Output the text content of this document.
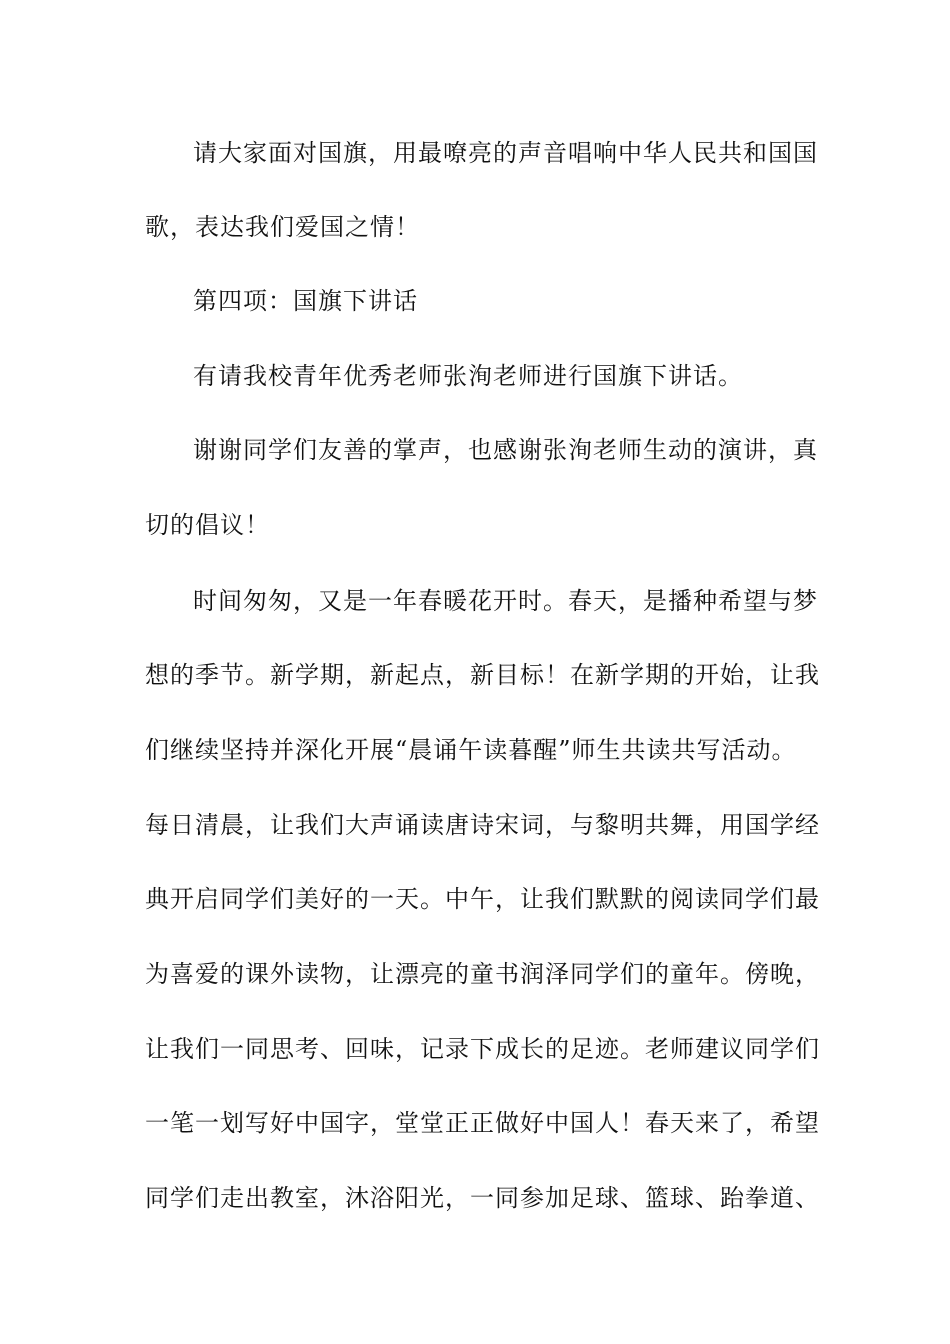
请大家面对国旗，用最嘹亮的声音唱响中华人民共和国国
歌，表达我们爱国之情！
第四项：国旗下讲话
有请我校青年优秀老师张洵老师进行国旗下讲话。
谢谢同学们友善的掌声，也感谢张洵老师生动的演讲，真
切的倡议！
时间匆匆，又是一年春暖花开时。春天，是播种希望与梦
想的季节。新学期，新起点，新目标！在新学期的开始，让我
们继续坚持并深化开展“晨诵午读暮醒”师生共读共写活动。
每日清晨，让我们大声诵读唐诗宋词，与黎明共舞，用国学经
典开启同学们美好的一天。中午，让我们默默的阅读同学们最
为喜爱的课外读物，让漂亮的童书润泽同学们的童年。傍晚，
让我们一同思考、回味，记录下成长的足迹。老师建议同学们
一笔一划写好中国字，堂堂正正做好中国人！春天来了，希望
同学们走出教室，沐浴阳光，一同参加足球、篮球、跆拳道、
